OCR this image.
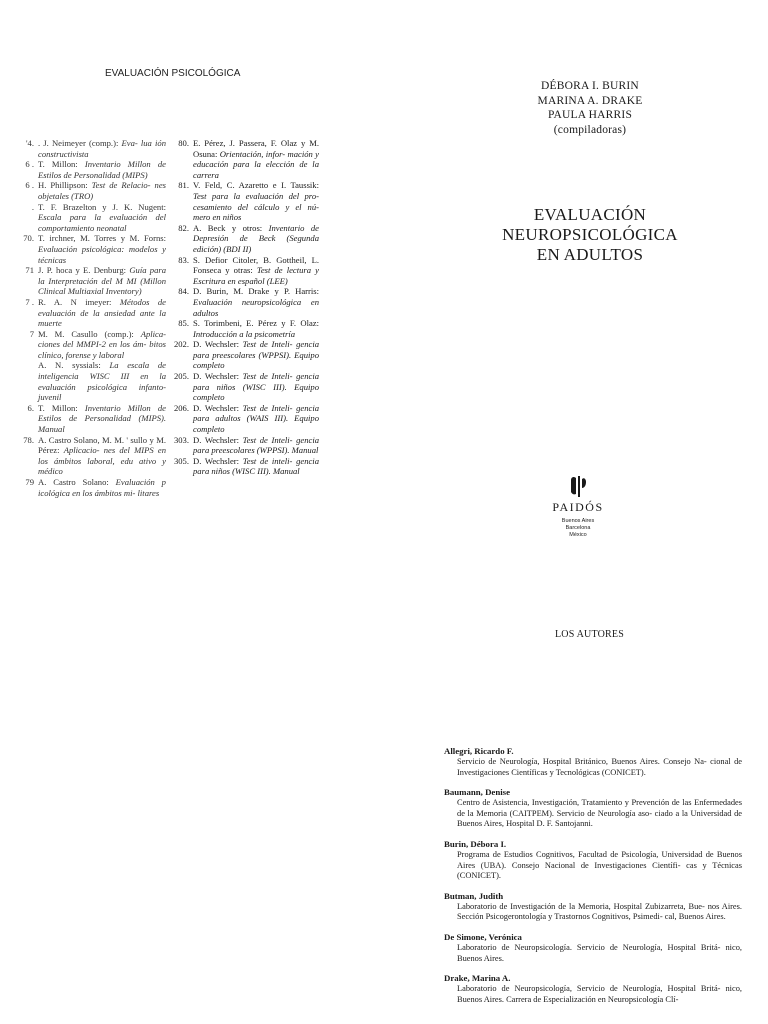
EVALUACIÓN PSICOLÓGICA
'4. . J. Neimeyer (comp.): Eva- lua ión constructivista
6 . T. Millon: Inventario Millon de Estilos de Personalidad (MIPS)
6 . H. Phillipson: Test de Relacio- nes objetales (TRO)
. T. F. Brazelton y J. K. Nugent: Escala para la evaluación del comportamiento neonatal
70. T. irchner, M. Torres y M. Forns: Evaluación psicológica: modelos y técnicas
71 J. P. hoca y E. Denburg: Guía para la Interpretación del M MI (Millon Clinical Multiaxial Inventory)
7 . R. A. N imeyer: Métodos de evaluación de la ansiedad ante la muerte
7 M. M. Casullo (comp.): Aplica- ciones del MMPI-2 en los ám- bitos clínico, forense y laboral
A. N. syssials: La escala de inteligencia WISC III en la evaluación psicológica infanto-juvenil
6. T. Millon: Inventario Millon de Estilos de Personalidad (MIPS). Manual
78. A. Castro Solano, M. M. ' sullo y M. Pérez: Aplicacio- nes del MIPS en los ámbitos laboral, edu ativo y médico
79 A. Castro Solano: Evaluación p icológica en los ámbitos mi- litares
80. E. Pérez, J. Passera, F. Olaz y M. Osuna: Orientación, infor- mación y educación para la elección de la carrera
81. V. Feld, C. Azaretto e I. Taussik: Test para la evaluación del pro- cesamiento del cálculo y el nú- mero en niños
82. A. Beck y otros: Inventario de Depresión de Beck (Segunda edición) (BDI II)
83. S. Defior Citoler, B. Gottheil, L. Fonseca y otras: Test de lectura y Escritura en español (LEE)
84. D. Burin, M. Drake y P. Harris: Evaluación neuropsicológica en adultos
85. S. Torimbeni, E. Pérez y F. Olaz: Introducción a la psicometría
202. D. Wechsler: Test de Inteli- gencia para preescolares (WPPSI). Equipo completo
205. D. Wechsler: Test de Inteli- gencia para niños (WISC III). Equipo completo
206. D. Wechsler: Test de Inteli- gencia para adultos (WAIS III). Equipo completo
303. D. Wechsler: Test de Inteli- gencia para preescolares (WPPSI). Manual
305. D. Wechsler: Test de inteli- gencia para niños (WISC III). Manual
DÉBORA I. BURIN
MARINA A. DRAKE
PAULA HARRIS
(compiladoras)
EVALUACIÓN
NEUROPSICOLÓGICA
EN ADULTOS
PAIDÓS
Buenos Aires
Barcelona
México
LOS AUTORES
Allegri, Ricardo F.
Servicio de Neurología, Hospital Británico, Buenos Aires. Consejo Na- cional de Investigaciones Científicas y Tecnológicas (CONICET).
Baumann, Denise
Centro de Asistencia, Investigación, Tratamiento y Prevención de las Enfermedades de la Memoria (CAITPEM). Servicio de Neurología aso- ciado a la Universidad de Buenos Aires, Hospital D. F. Santojanni.
Burin, Débora I.
Programa de Estudios Cognitivos, Facultad de Psicología, Universidad de Buenos Aires (UBA). Consejo Nacional de Investigaciones Científi- cas y Técnicas (CONICET).
Butman, Judith
Laboratorio de Investigación de la Memoria, Hospital Zubizarreta, Bue- nos Aires. Sección Psicogerontología y Trastornos Cognitivos, Psimedi- cal, Buenos Aires.
De Simone, Verónica
Laboratorio de Neuropsicología. Servicio de Neurología, Hospital Britá- nico, Buenos Aires.
Drake, Marina A.
Laboratorio de Neuropsicología, Servicio de Neurología, Hospital Britá- nico, Buenos Aires. Carrera de Especialización en Neuropsicología Clí-
